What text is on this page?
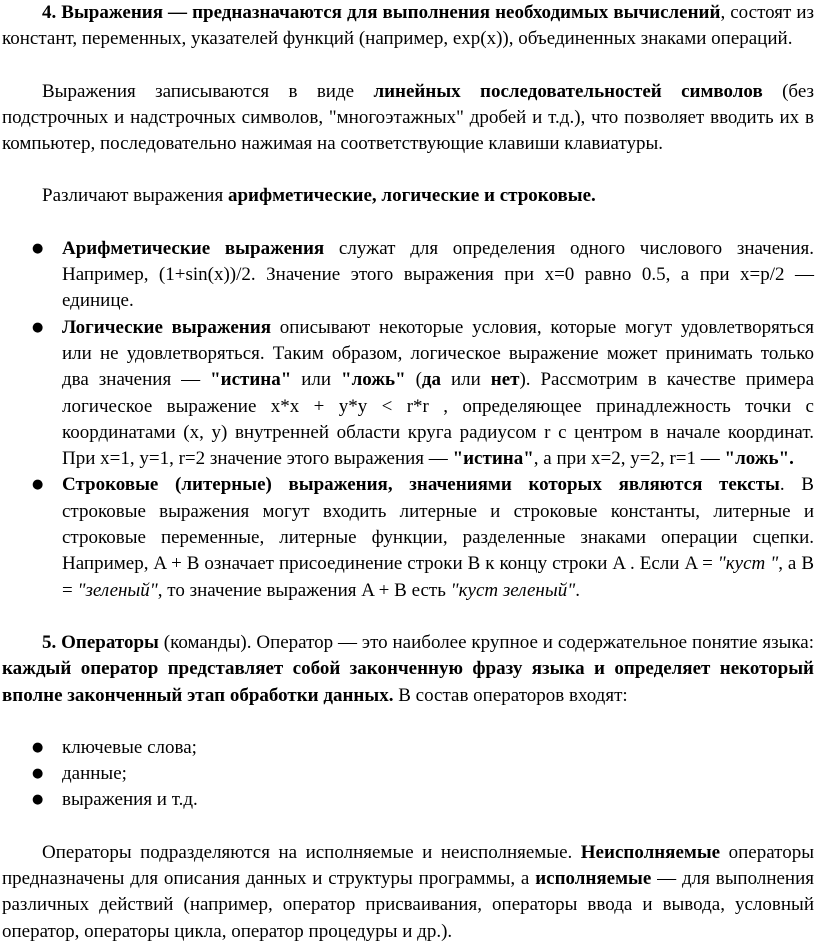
4. Выражения — предназначаются для выполнения необходимых вычислений, состоят из констант, переменных, указателей функций (например, exp(x)), объединенных знаками операций.

Выражения записываются в виде линейных последовательностей символов (без подстрочных и надстрочных символов, "многоэтажных" дробей и т.д.), что позволяет вводить их в компьютер, последовательно нажимая на соответствующие клавиши клавиатуры.

Различают выражения арифметические, логические и строковые.

● Арифметические выражения служат для определения одного числового значения. Например, (1+sin(x))/2. Значение этого выражения при x=0 равно 0.5, а при x=p/2 — единице.
● Логические выражения описывают некоторые условия, которые могут удовлетворяться или не удовлетворяться. Таким образом, логическое выражение может принимать только два значения — "истина" или "ложь" (да или нет). Рассмотрим в качестве примера логическое выражение x*x + y*y < r*r , определяющее принадлежность точки с координатами (x, y) внутренней области круга радиусом r с центром в начале координат. При x=1, y=1, r=2 значение этого выражения — "истина", а при x=2, y=2, r=1 — "ложь".
● Строковые (литерные) выражения, значениями которых являются тексты. В строковые выражения могут входить литерные и строковые константы, литерные и строковые переменные, литерные функции, разделенные знаками операции сцепки. Например, A + B означает присоединение строки B к концу строки A . Если A = "куст ", а B = "зеленый", то значение выражения A + B есть "куст зеленый".

5. Операторы (команды). Оператор — это наиболее крупное и содержательное понятие языка: каждый оператор представляет собой законченную фразу языка и определяет некоторый вполне законченный этап обработки данных. В состав операторов входят:

● ключевые слова;
● данные;
● выражения и т.д.

Операторы подразделяются на исполняемые и неисполняемые. Неисполняемые операторы предназначены для описания данных и структуры программы, а исполняемые — для выполнения различных действий (например, оператор присваивания, операторы ввода и вывода, условный оператор, операторы цикла, оператор процедуры и др.).
